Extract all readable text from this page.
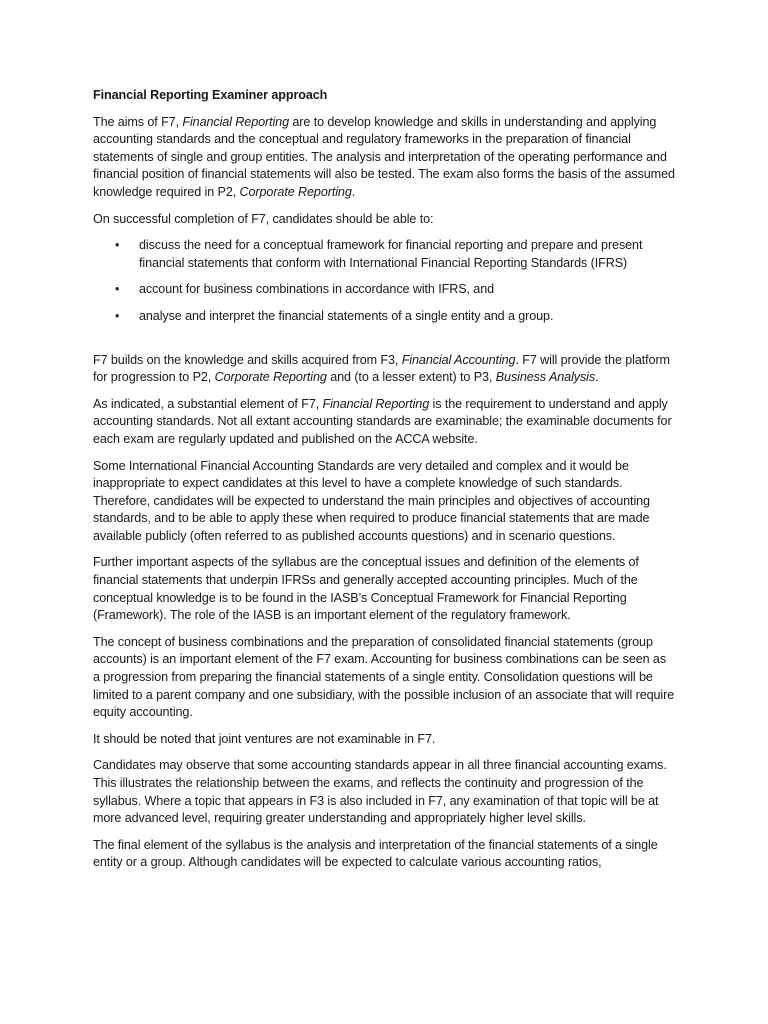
Financial Reporting Examiner approach

The aims of F7, Financial Reporting are to develop knowledge and skills in understanding and applying accounting standards and the conceptual and regulatory frameworks in the preparation of financial statements of single and group entities. The analysis and interpretation of the operating performance and financial position of financial statements will also be tested. The exam also forms the basis of the assumed knowledge required in P2, Corporate Reporting.

On successful completion of F7, candidates should be able to:

• discuss the need for a conceptual framework for financial reporting and prepare and present financial statements that conform with International Financial Reporting Standards (IFRS)
• account for business combinations in accordance with IFRS, and
• analyse and interpret the financial statements of a single entity and a group.

F7 builds on the knowledge and skills acquired from F3, Financial Accounting. F7 will provide the platform for progression to P2, Corporate Reporting and (to a lesser extent) to P3, Business Analysis.

As indicated, a substantial element of F7, Financial Reporting is the requirement to understand and apply accounting standards. Not all extant accounting standards are examinable; the examinable documents for each exam are regularly updated and published on the ACCA website.

Some International Financial Accounting Standards are very detailed and complex and it would be inappropriate to expect candidates at this level to have a complete knowledge of such standards. Therefore, candidates will be expected to understand the main principles and objectives of accounting standards, and to be able to apply these when required to produce financial statements that are made available publicly (often referred to as published accounts questions) and in scenario questions.

Further important aspects of the syllabus are the conceptual issues and definition of the elements of financial statements that underpin IFRSs and generally accepted accounting principles. Much of the conceptual knowledge is to be found in the IASB’s Conceptual Framework for Financial Reporting (Framework). The role of the IASB is an important element of the regulatory framework.

The concept of business combinations and the preparation of consolidated financial statements (group accounts) is an important element of the F7 exam. Accounting for business combinations can be seen as a progression from preparing the financial statements of a single entity. Consolidation questions will be limited to a parent company and one subsidiary, with the possible inclusion of an associate that will require equity accounting.

It should be noted that joint ventures are not examinable in F7.

Candidates may observe that some accounting standards appear in all three financial accounting exams. This illustrates the relationship between the exams, and reflects the continuity and progression of the syllabus. Where a topic that appears in F3 is also included in F7, any examination of that topic will be at more advanced level, requiring greater understanding and appropriately higher level skills.

The final element of the syllabus is the analysis and interpretation of the financial statements of a single entity or a group. Although candidates will be expected to calculate various accounting ratios,
